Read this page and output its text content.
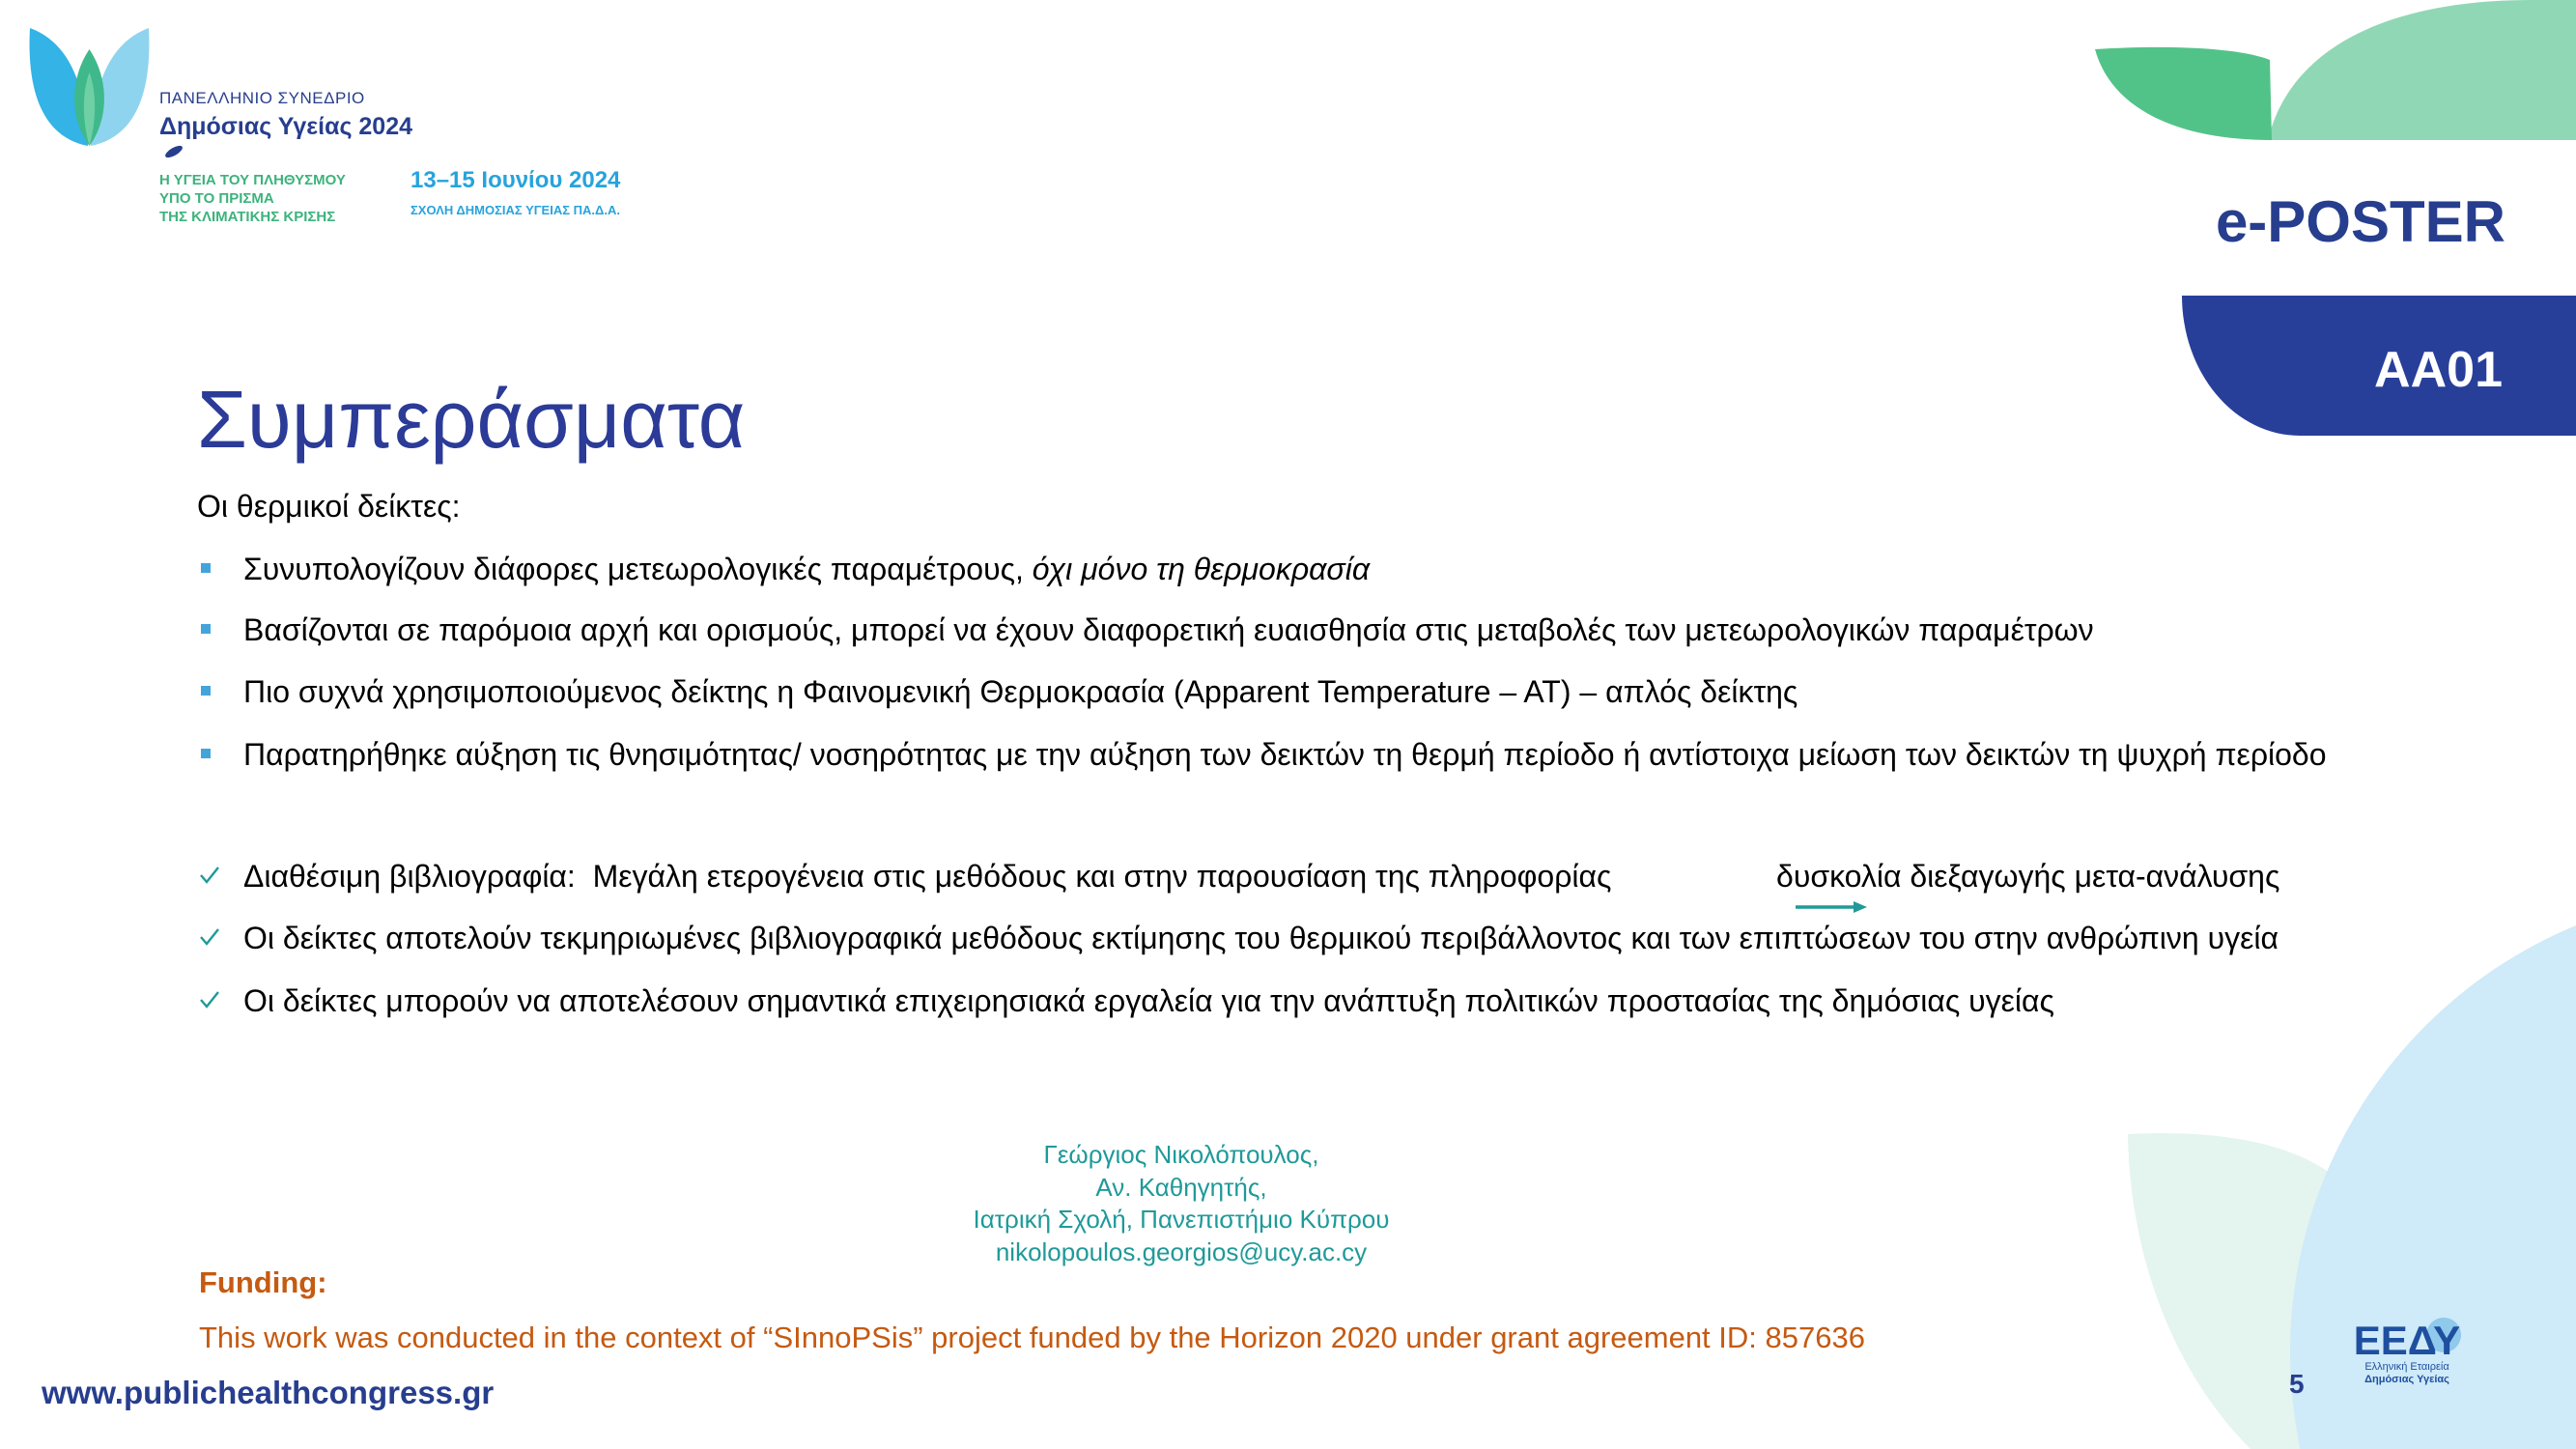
ΠΑΝΕΛΛΗΝΙΟ ΣΥΝΕΔΡΙΟ
Δημόσιας Υγείας 2024
Η ΥΓΕΙΑ ΤΟΥ ΠΛΗΘΥΣΜΟΥ
ΥΠΟ ΤΟ ΠΡΙΣΜΑ
ΤΗΣ ΚΛΙΜΑΤΙΚΗΣ ΚΡΙΣΗΣ
13–15 Ιουνίου 2024
ΣΧΟΛΗ ΔΗΜΟΣΙΑΣ ΥΓΕΙΑΣ ΠΑ.Δ.Α.	e-POSTER
AA01
Συμπεράσματα
Οι θερμικοί δείκτες:
Συνυπολογίζουν διάφορες μετεωρολογικές παραμέτρους, όχι μόνο τη θερμοκρασία
Βασίζονται σε παρόμοια αρχή και ορισμούς, μπορεί να έχουν διαφορετική ευαισθησία στις μεταβολές των μετεωρολογικών παραμέτρων
Πιο συχνά χρησιμοποιούμενος δείκτης η Φαινομενική Θερμοκρασία (Apparent Temperature – AT) – απλός δείκτης
Παρατηρήθηκε αύξηση τις θνησιμότητας/ νοσηρότητας με την αύξηση των δεικτών τη θερμή περίοδο ή αντίστοιχα μείωση των δεικτών τη ψυχρή περίοδο
Διαθέσιμη βιβλιογραφία:  Μεγάλη ετερογένεια στις μεθόδους και στην παρουσίαση της πληροφορίας	δυσκολία διεξαγωγής μετα-ανάλυσης
Οι δείκτες αποτελούν τεκμηριωμένες βιβλιογραφικά μεθόδους εκτίμησης του θερμικού περιβάλλοντος και των επιπτώσεων του στην ανθρώπινη υγεία
Οι δείκτες μπορούν να αποτελέσουν σημαντικά επιχειρησιακά εργαλεία για την ανάπτυξη πολιτικών προστασίας της δημόσιας υγείας
Γεώργιος Νικολόπουλος,
Αν. Καθηγητής,
Ιατρική Σχολή, Πανεπιστήμιο Κύπρου
nikolopoulos.georgios@ucy.ac.cy
Funding:
This work was conducted in the context of “SInnoPSis” project funded by the Horizon 2020 under grant agreement ID: 857636
www.publichealthcongress.gr	5
ΕΕΔΥ
Ελληνική Εταιρεία
Δημόσιας Υγείας
